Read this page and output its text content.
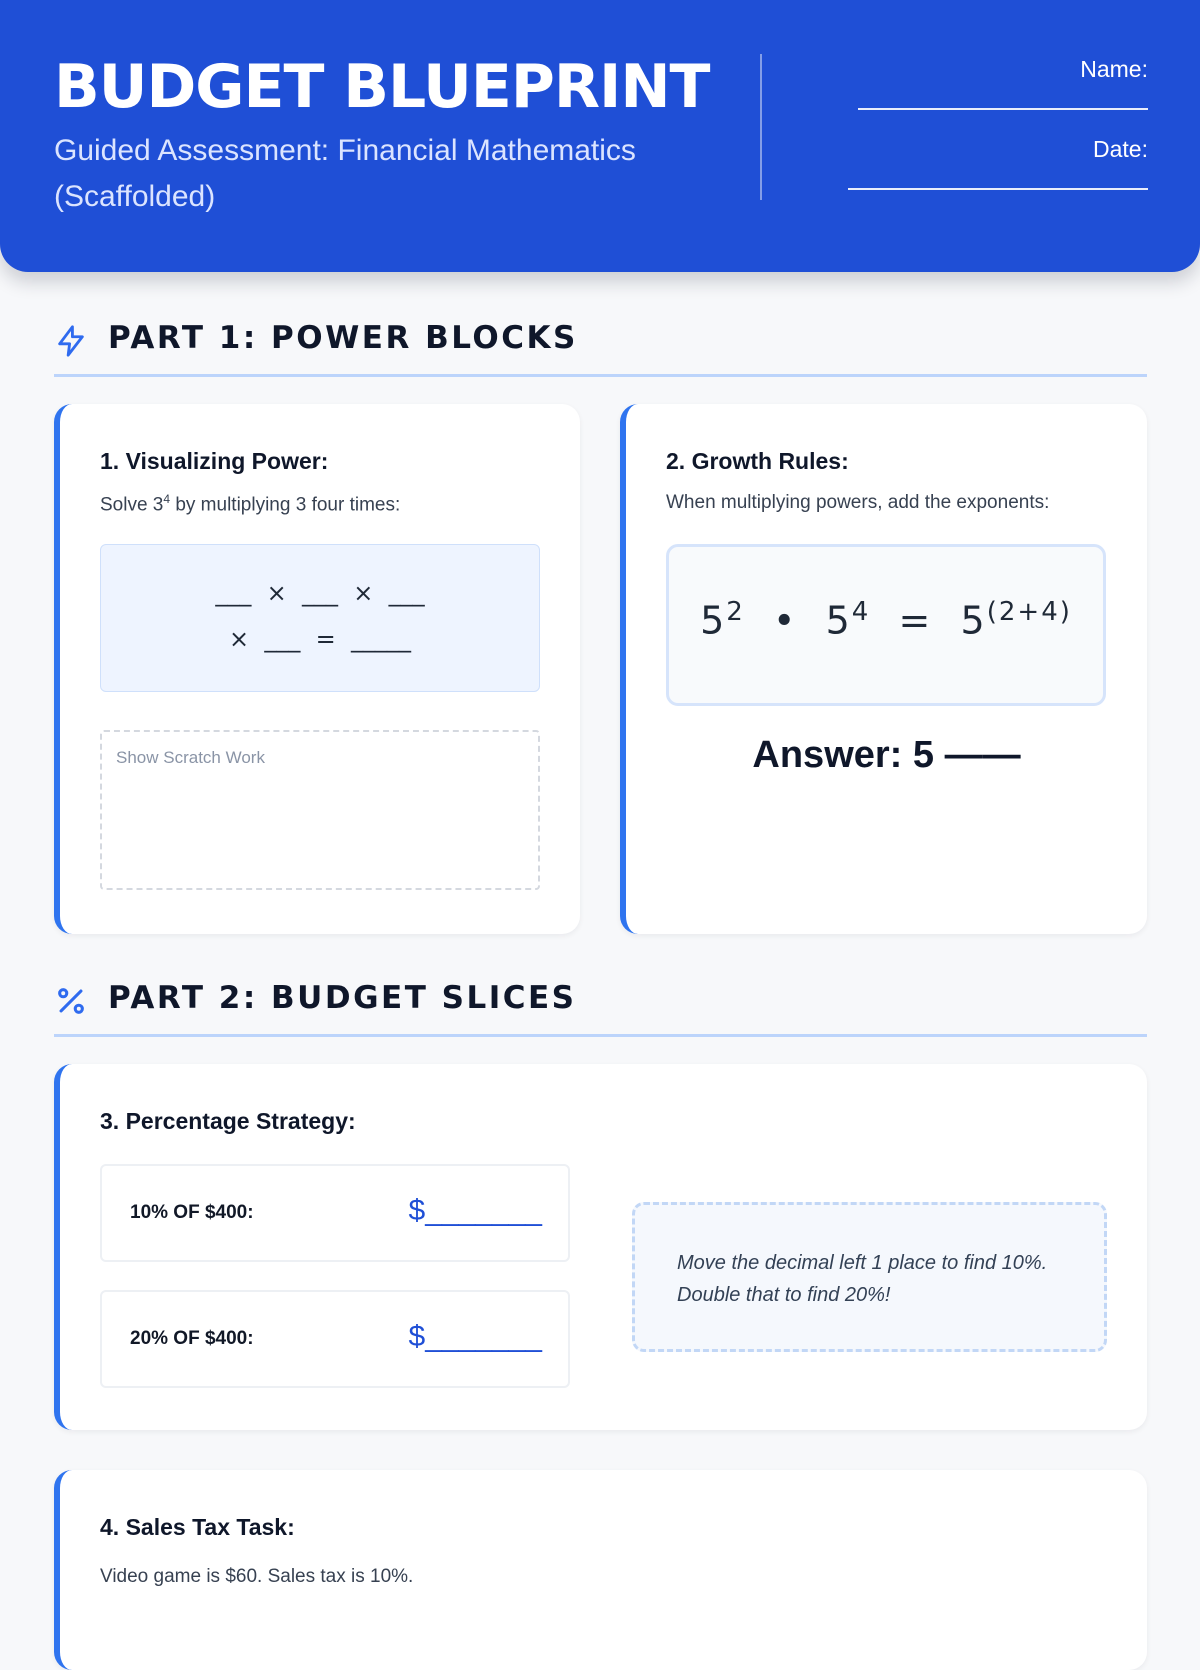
BUDGET BLUEPRINT
Guided Assessment: Financial Mathematics (Scaffolded)
Name:
Date:
PART 1: POWER BLOCKS
1. Visualizing Power:
Solve $3^4$ by multiplying 3 four times:
___  ×  ___  ×  ___
×  ___  =  _____
Show Scratch Work
2. Growth Rules:
When multiplying powers, add the exponents:
$5^2$ • $5^4 = 5^{(2+4)}$
Answer: 5 ——
PART 2: BUDGET SLICES
3. Percentage Strategy:
10% OF $400:	$_______
20% OF $400:	$_______
Move the decimal left 1 place to find 10%. Double that to find 20%!
4. Sales Tax Task:
Video game is $60. Sales tax is 10%.
